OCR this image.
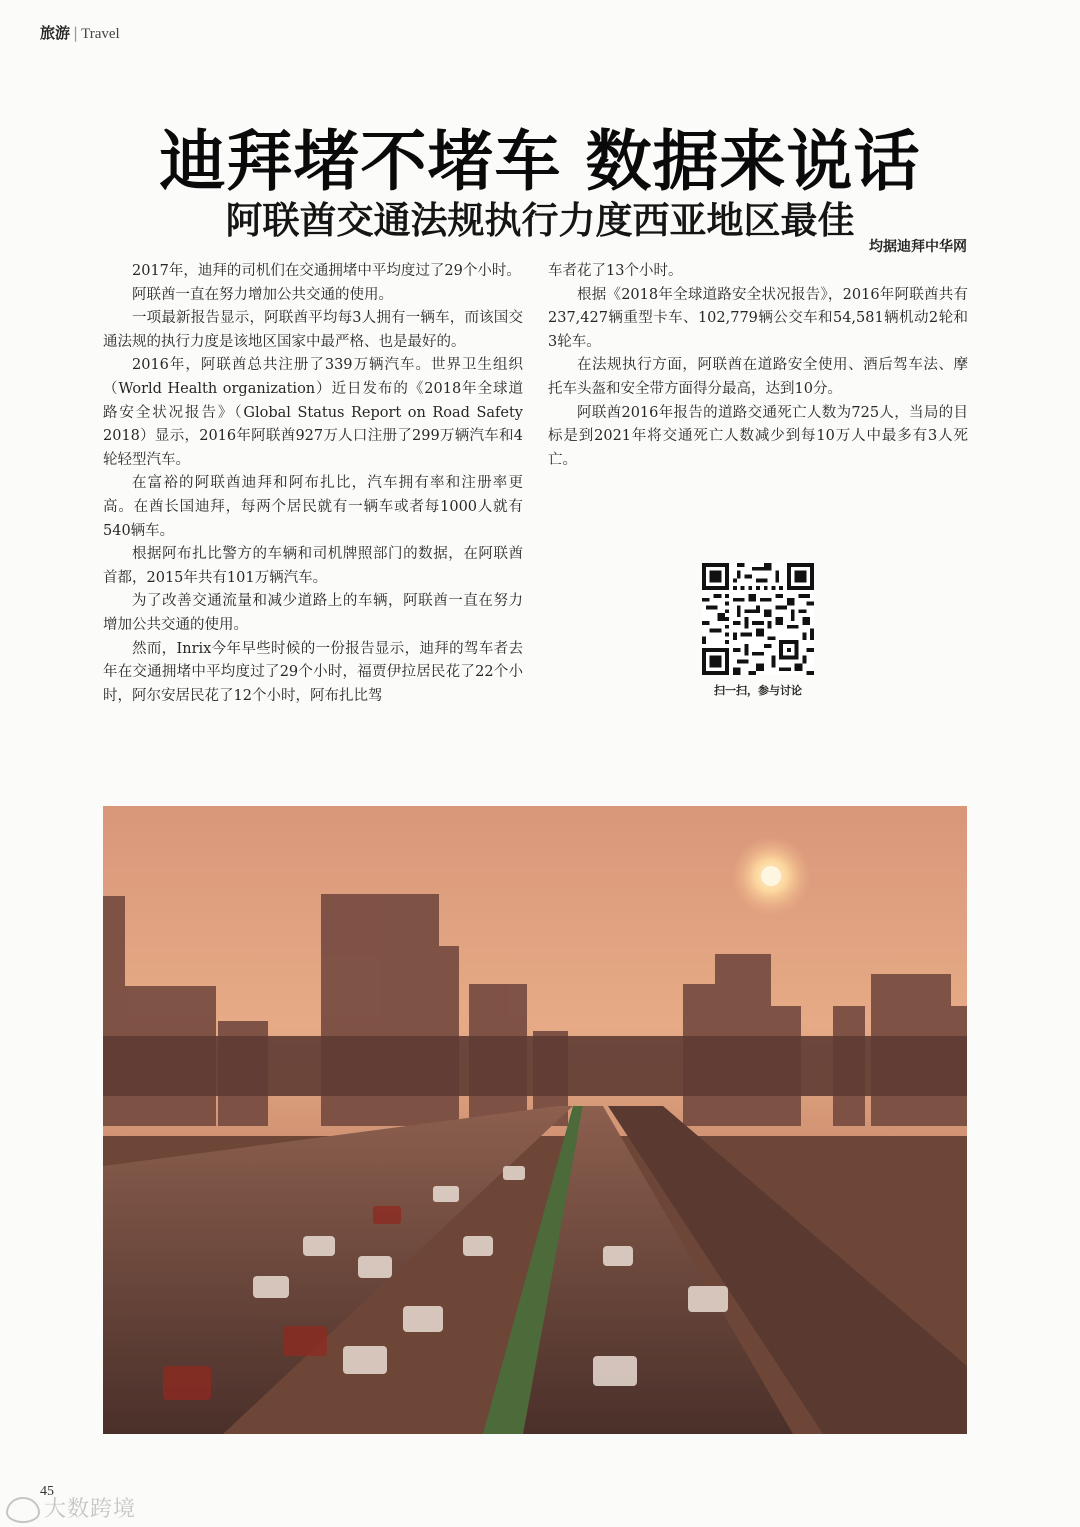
旅游 | Travel
迪拜堵不堵车 数据来说话
阿联酋交通法规执行力度西亚地区最佳
均据迪拜中华网

2017年，迪拜的司机们在交通拥堵中平均度过了29个小时。

阿联酋一直在努力增加公共交通的使用。

一项最新报告显示，阿联酋平均每3人拥有一辆车，而该国交通法规的执行力度是该地区国家中最严格、也是最好的。

2016年，阿联酋总共注册了339万辆汽车。世界卫生组织（World Health organization）近日发布的《2018年全球道路安全状况报告》（Global Status Report on Road Safety 2018）显示，2016年阿联酋927万人口注册了299万辆汽车和4轮轻型汽车。

在富裕的阿联酋迪拜和阿布扎比，汽车拥有率和注册率更高。在酋长国迪拜，每两个居民就有一辆车或者每1000人就有540辆车。

根据阿布扎比警方的车辆和司机牌照部门的数据，在阿联酋首都，2015年共有101万辆汽车。

为了改善交通流量和减少道路上的车辆，阿联酋一直在努力增加公共交通的使用。

然而，Inrix今年早些时候的一份报告显示，迪拜的驾车者去年在交通拥堵中平均度过了29个小时，福贾伊拉居民花了22个小时，阿尔安居民花了12个小时，阿布扎比驾

车者花了13个小时。

根据《2018年全球道路安全状况报告》，2016年阿联酋共有237,427辆重型卡车、102,779辆公交车和54,581辆机动2轮和3轮车。

在法规执行方面，阿联酋在道路安全使用、酒后驾车法、摩托车头盔和安全带方面得分最高，达到10分。

阿联酋2016年报告的道路交通死亡人数为725人，当局的目标是到2021年将交通死亡人数减少到每10万人中最多有3人死亡。

扫一扫，参与讨论
45
大数跨境
